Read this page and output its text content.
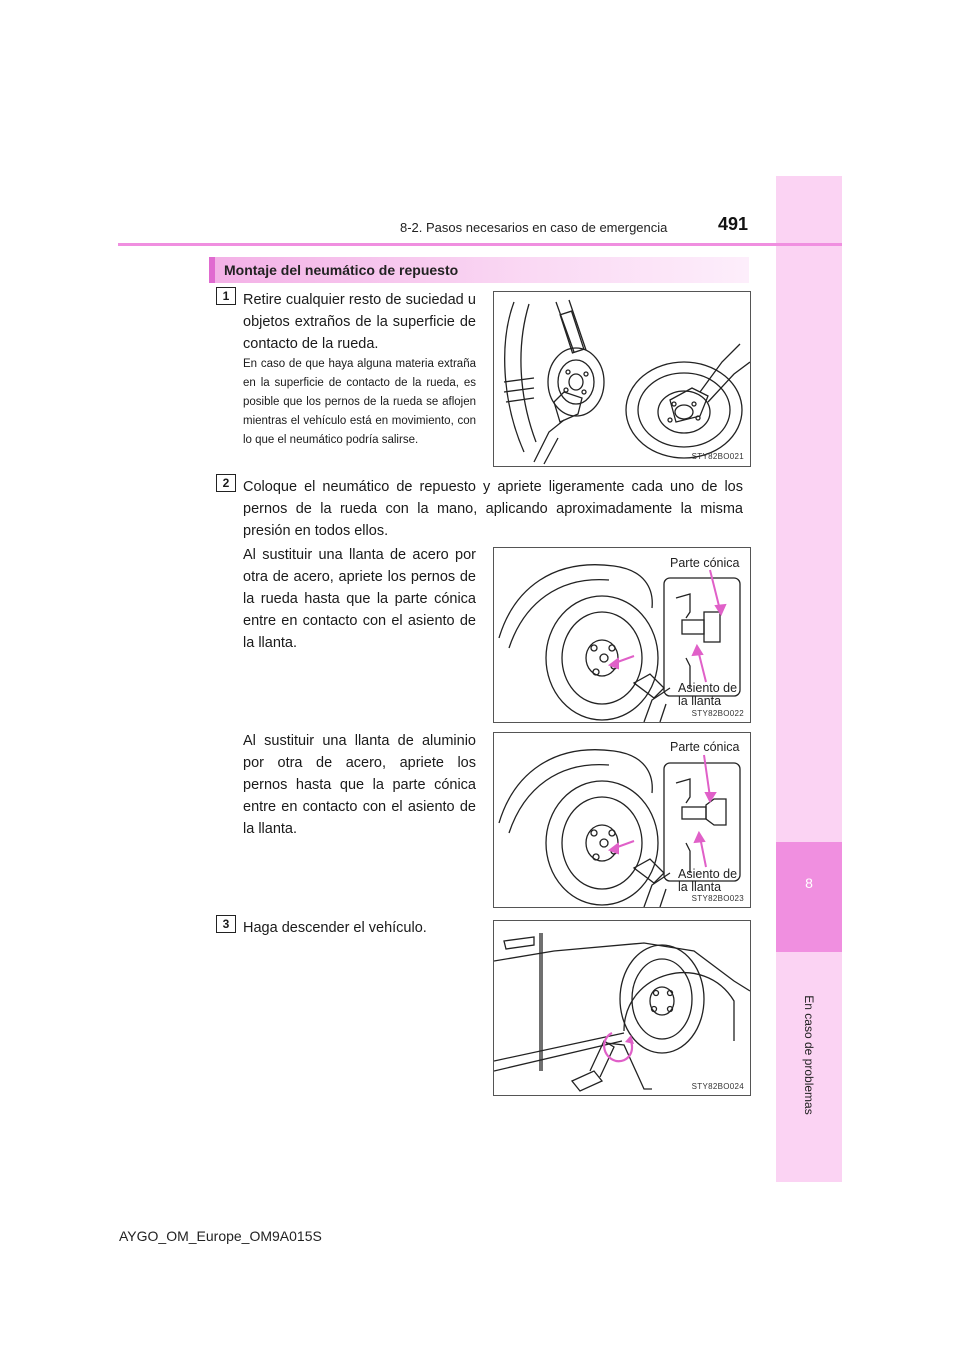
8
En caso de problemas
8-2. Pasos necesarios en caso de emergencia	491
Montaje del neumático de repuesto
1 Retire cualquier resto de suciedad u objetos extraños de la superficie de contacto de la rueda.
En caso de que haya alguna materia extraña en la superficie de contacto de la rueda, es posible que los pernos de la rueda se aflojen mientras el vehículo está en movimiento, con lo que el neumático podría salirse.
STY82BO021
2 Coloque el neumático de repuesto y apriete ligeramente cada uno de los pernos de la rueda con la mano, aplicando aproximadamente la misma presión en todos ellos.
Al sustituir una llanta de acero por otra de acero, apriete los pernos de la rueda hasta que la parte cónica entre en contacto con el asiento de la llanta.
Parte cónica
Asiento de
la llanta
STY82BO022
Al sustituir una llanta de aluminio por otra de acero, apriete los pernos hasta que la parte cónica entre en contacto con el asiento de la llanta.
Parte cónica
Asiento de
la llanta
STY82BO023
3 Haga descender el vehículo.
STY82BO024
AYGO_OM_Europe_OM9A015S
